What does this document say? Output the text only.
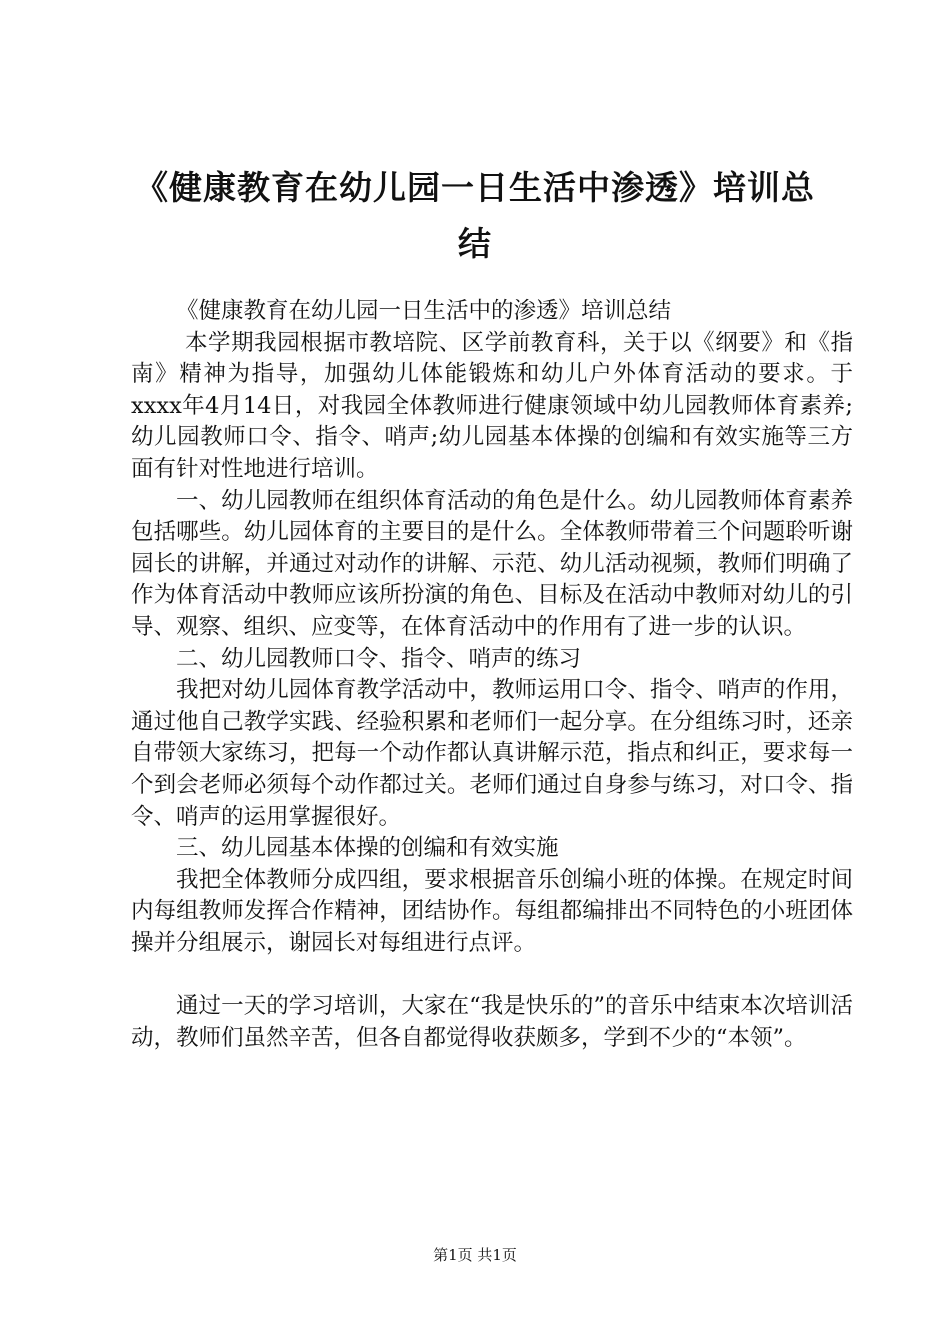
《健康教育在幼儿园一日生活中渗透》培训总结

《健康教育在幼儿园一日生活中的渗透》培训总结

本学期我园根据市教培院、区学前教育科，关于以《纲要》和《指南》精神为指导，加强幼儿体能锻炼和幼儿户外体育活动的要求。于xxxx年4月14日，对我园全体教师进行健康领域中幼儿园教师体育素养;幼儿园教师口令、指令、哨声;幼儿园基本体操的创编和有效实施等三方面有针对性地进行培训。

一、幼儿园教师在组织体育活动的角色是什么。幼儿园教师体育素养包括哪些。幼儿园体育的主要目的是什么。全体教师带着三个问题聆听谢园长的讲解，并通过对动作的讲解、示范、幼儿活动视频，教师们明确了作为体育活动中教师应该所扮演的角色、目标及在活动中教师对幼儿的引导、观察、组织、应变等，在体育活动中的作用有了进一步的认识。

二、幼儿园教师口令、指令、哨声的练习

我把对幼儿园体育教学活动中，教师运用口令、指令、哨声的作用，通过他自己教学实践、经验积累和老师们一起分享。在分组练习时，还亲自带领大家练习，把每一个动作都认真讲解示范，指点和纠正，要求每一个到会老师必须每个动作都过关。老师们通过自身参与练习，对口令、指令、哨声的运用掌握很好。

三、幼儿园基本体操的创编和有效实施

我把全体教师分成四组，要求根据音乐创编小班的体操。在规定时间内每组教师发挥合作精神，团结协作。每组都编排出不同特色的小班团体操并分组展示，谢园长对每组进行点评。

通过一天的学习培训，大家在“我是快乐的”的音乐中结束本次培训活动，教师们虽然辛苦，但各自都觉得收获颇多，学到不少的“本领”。

第1页 共1页
